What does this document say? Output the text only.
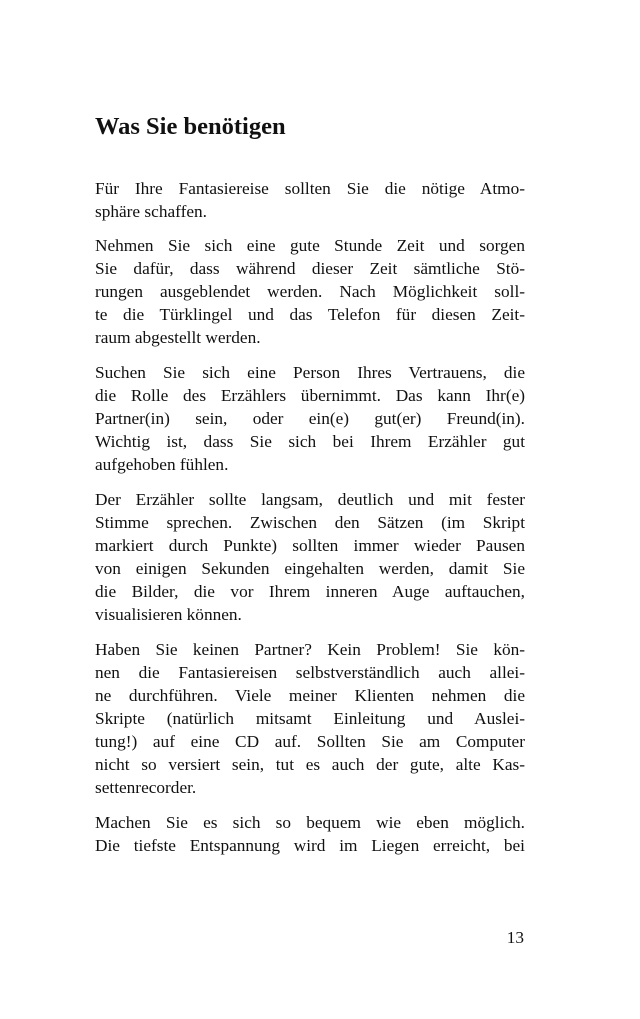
Was Sie benötigen
Für Ihre Fantasiereise sollten Sie die nötige Atmo-
sphäre schaffen.
Nehmen Sie sich eine gute Stunde Zeit und sorgen
Sie dafür, dass während dieser Zeit sämtliche Stö-
rungen ausgeblendet werden. Nach Möglichkeit soll-
te die Türklingel und das Telefon für diesen Zeit-
raum abgestellt werden.
Suchen Sie sich eine Person Ihres Vertrauens, die
die Rolle des Erzählers übernimmt. Das kann Ihr(e)
Partner(in) sein, oder ein(e) gut(er) Freund(in).
Wichtig ist, dass Sie sich bei Ihrem Erzähler gut
aufgehoben fühlen.
Der Erzähler sollte langsam, deutlich und mit fester
Stimme sprechen. Zwischen den Sätzen (im Skript
markiert durch Punkte) sollten immer wieder Pausen
von einigen Sekunden eingehalten werden, damit Sie
die Bilder, die vor Ihrem inneren Auge auftauchen,
visualisieren können.
Haben Sie keinen Partner? Kein Problem! Sie kön-
nen die Fantasiereisen selbstverständlich auch allei-
ne durchführen. Viele meiner Klienten nehmen die
Skripte (natürlich mitsamt Einleitung und Auslei-
tung!) auf eine CD auf. Sollten Sie am Computer
nicht so versiert sein, tut es auch der gute, alte Kas-
settenrecorder.
Machen Sie es sich so bequem wie eben möglich.
Die tiefste Entspannung wird im Liegen erreicht, bei
13
